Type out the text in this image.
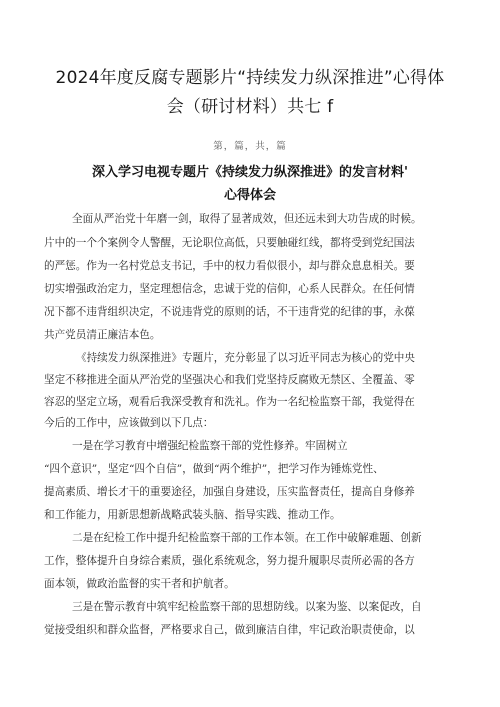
2024年度反腐专题影片“持续发力纵深推进”心得体
会（研讨材料）共七 f
第，篇，共，篇
深入学习电视专题片《持续发力纵深推进》的发言材料'
心得体会
全面从严治党十年磨一剑，取得了显著成效，但还远未到大功告成的时候。
片中的一个个案例令人警醒，无论职位高低，只要触碰红线，都将受到党纪国法
的严惩。作为一名村党总支书记，手中的权力看似很小，却与群众息息相关。要
切实增强政治定力，坚定理想信念，忠诚于党的信仰，心系人民群众。在任何情
况下都不违背组织决定，不说违背党的原则的话，不干违背党的纪律的事，永葆
共产党员清正廉洁本色。
《持续发力纵深推进》专题片，充分彰显了以习近平同志为核心的党中央
坚定不移推进全面从严治党的坚强决心和我们党坚持反腐败无禁区、全覆盖、零
容忍的坚定立场，观看后我深受教育和洗礼。作为一名纪检监察干部，我觉得在
今后的工作中，应该做到以下几点：
一是在学习教育中增强纪检监察干部的党性修养。牢固树立
“四个意识”，坚定“四个自信”，做到“两个维护”，把学习作为锤炼党性、
提高素质、增长才干的重要途径，加强自身建设，压实监督责任，提高自身修养
和工作能力，用新思想新战略武装头脑、指导实践、推动工作。
二是在纪检工作中提升纪检监察干部的工作本领。在工作中破解难题、创新
工作，整体提升自身综合素质，强化系统观念，努力提升履职尽责所必需的各方
面本领，做政治监督的实干者和护航者。
三是在警示教育中筑牢纪检监察干部的思想防线。以案为鉴、以案促改，自
觉接受组织和群众监督，严格要求自己，做到廉洁自律，牢记政治职责使命，以
